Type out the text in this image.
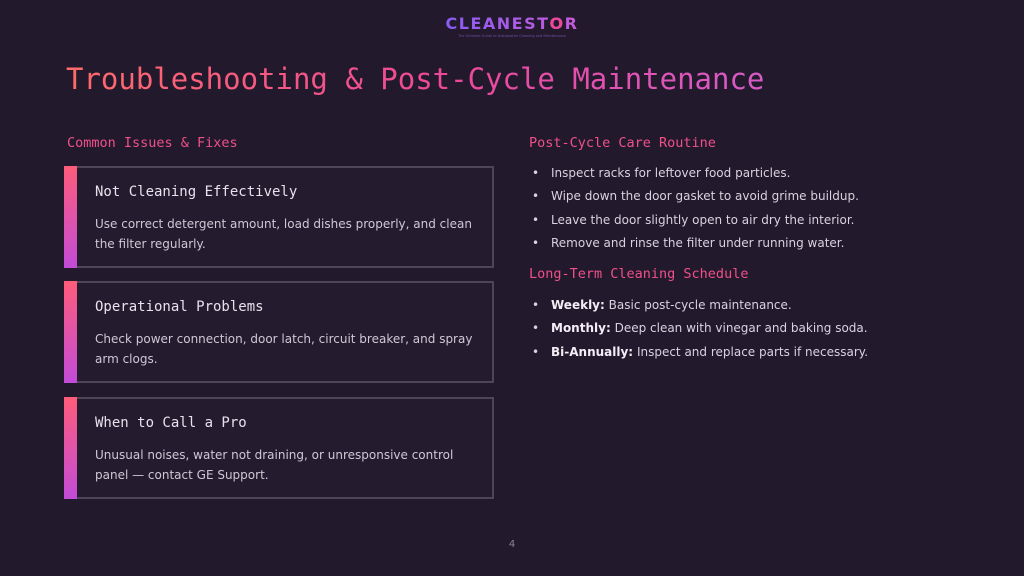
CLEANESTOR
The Ultimate Guide to Dishwasher Cleaning and Maintenance
Troubleshooting & Post-Cycle Maintenance
Common Issues & Fixes
Not Cleaning Effectively

Use correct detergent amount, load dishes properly, and clean the filter regularly.

Operational Problems

Check power connection, door latch, circuit breaker, and spray arm clogs.

When to Call a Pro

Unusual noises, water not draining, or unresponsive control panel — contact GE Support.

Post-Cycle Care Routine
• Inspect racks for leftover food particles.
• Wipe down the door gasket to avoid grime buildup.
• Leave the door slightly open to air dry the interior.
• Remove and rinse the filter under running water.
Long-Term Cleaning Schedule
• Weekly: Basic post-cycle maintenance.
• Monthly: Deep clean with vinegar and baking soda.
• Bi-Annually: Inspect and replace parts if necessary.
4
